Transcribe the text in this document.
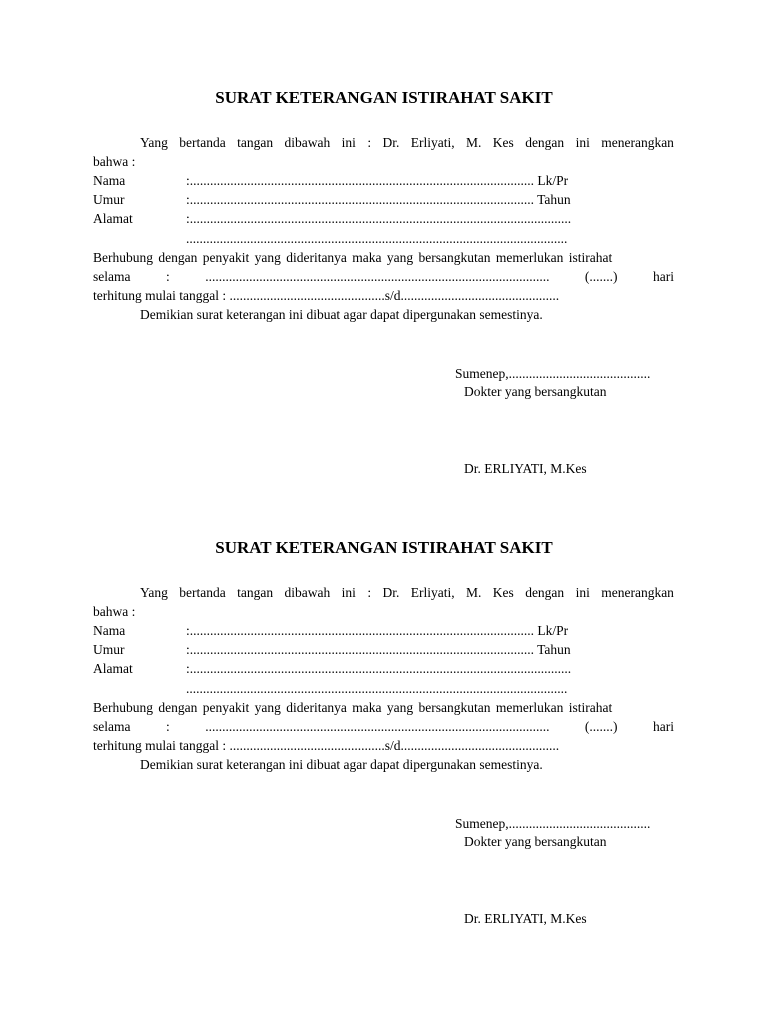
SURAT KETERANGAN ISTIRAHAT SAKIT
Yang bertanda tangan dibawah ini : Dr. Erliyati, M. Kes dengan ini menerangkan
bahwa :
Nama	:...................................................................................................... Lk/Pr
Umur	:...................................................................................................... Tahun
Alamat	:.................................................................................................................
.................................................................................................................
Berhubung dengan penyakit yang dideritanya maka yang bersangkutan memerlukan istirahat
selama	:	......................................................................................................	(.......)	hari
terhitung mulai tanggal : ..............................................s/d...............................................
Demikian surat keterangan ini dibuat agar dapat dipergunakan semestinya.
Sumenep,..........................................
Dokter yang bersangkutan
Dr. ERLIYATI, M.Kes
SURAT KETERANGAN ISTIRAHAT SAKIT
Yang bertanda tangan dibawah ini : Dr. Erliyati, M. Kes dengan ini menerangkan
bahwa :
Nama	:...................................................................................................... Lk/Pr
Umur	:...................................................................................................... Tahun
Alamat	:.................................................................................................................
.................................................................................................................
Berhubung dengan penyakit yang dideritanya maka yang bersangkutan memerlukan istirahat
selama	:	......................................................................................................	(.......)	hari
terhitung mulai tanggal : ..............................................s/d...............................................
Demikian surat keterangan ini dibuat agar dapat dipergunakan semestinya.
Sumenep,..........................................
Dokter yang bersangkutan
Dr. ERLIYATI, M.Kes
